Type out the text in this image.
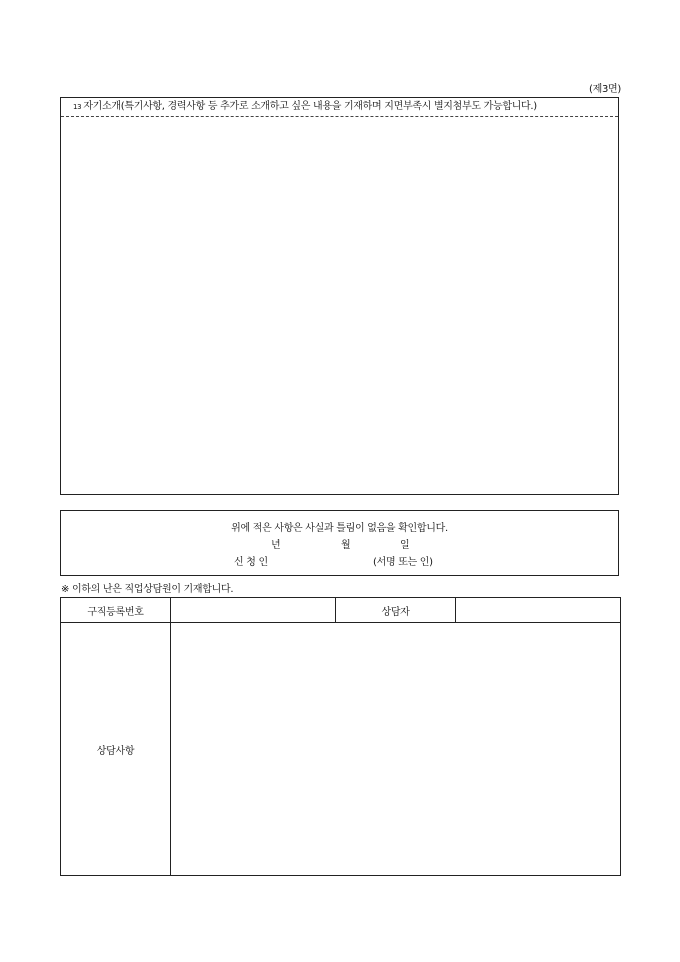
(제3면)
13 자기소개(특기사항, 경력사항 등 추가로 소개하고 싶은 내용을 기재하며 지면부족시 별지첨부도 가능합니다.)
위에 적은 사항은 사실과 틀림이 없음을 확인합니다.
년	월	일
신 청 인	(서명 또는 인)
※ 이하의 난은 직업상담원이 기재합니다.
구직등록번호		상담자	
상담사항			
